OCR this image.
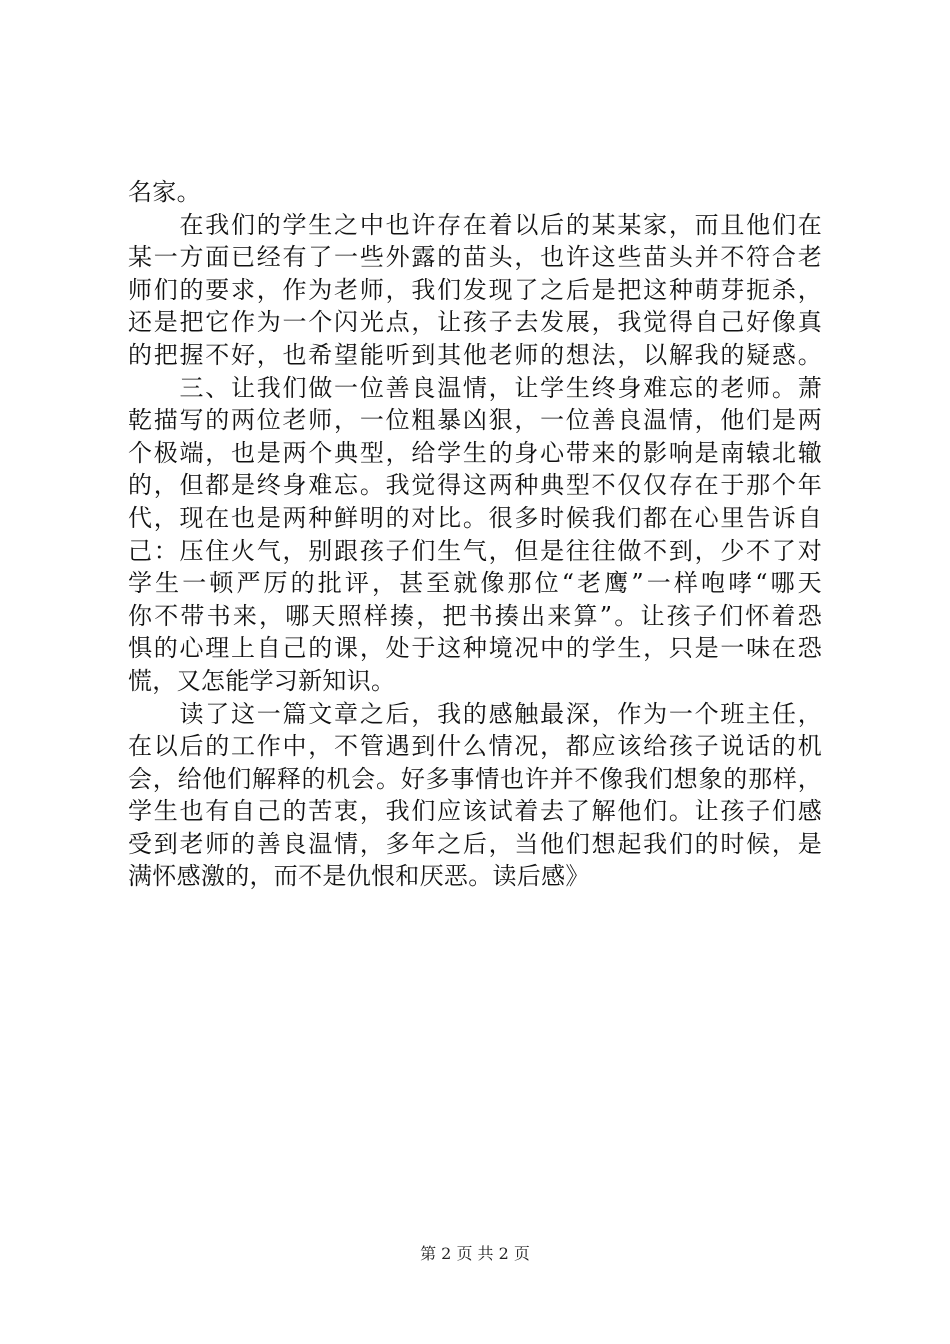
名家。
　　在我们的学生之中也许存在着以后的某某家，而且他们在
某一方面已经有了一些外露的苗头，也许这些苗头并不符合老
师们的要求，作为老师，我们发现了之后是把这种萌芽扼杀，
还是把它作为一个闪光点，让孩子去发展，我觉得自己好像真
的把握不好，也希望能听到其他老师的想法，以解我的疑惑。
　　三、让我们做一位善良温情，让学生终身难忘的老师。萧
乾描写的两位老师，一位粗暴凶狠，一位善良温情，他们是两
个极端，也是两个典型，给学生的身心带来的影响是南辕北辙
的，但都是终身难忘。我觉得这两种典型不仅仅存在于那个年
代，现在也是两种鲜明的对比。很多时候我们都在心里告诉自
己：压住火气，别跟孩子们生气，但是往往做不到，少不了对
学生一顿严厉的批评，甚至就像那位“老鹰”一样咆哮“哪天
你不带书来，哪天照样揍，把书揍出来算”。让孩子们怀着恐
惧的心理上自己的课，处于这种境况中的学生，只是一味在恐
慌，又怎能学习新知识。
　　读了这一篇文章之后，我的感触最深，作为一个班主任，
在以后的工作中，不管遇到什么情况，都应该给孩子说话的机
会，给他们解释的机会。好多事情也许并不像我们想象的那样，
学生也有自己的苦衷，我们应该试着去了解他们。让孩子们感
受到老师的善良温情，多年之后，当他们想起我们的时候，是
满怀感激的，而不是仇恨和厌恶。读后感》
第 2 页 共 2 页
